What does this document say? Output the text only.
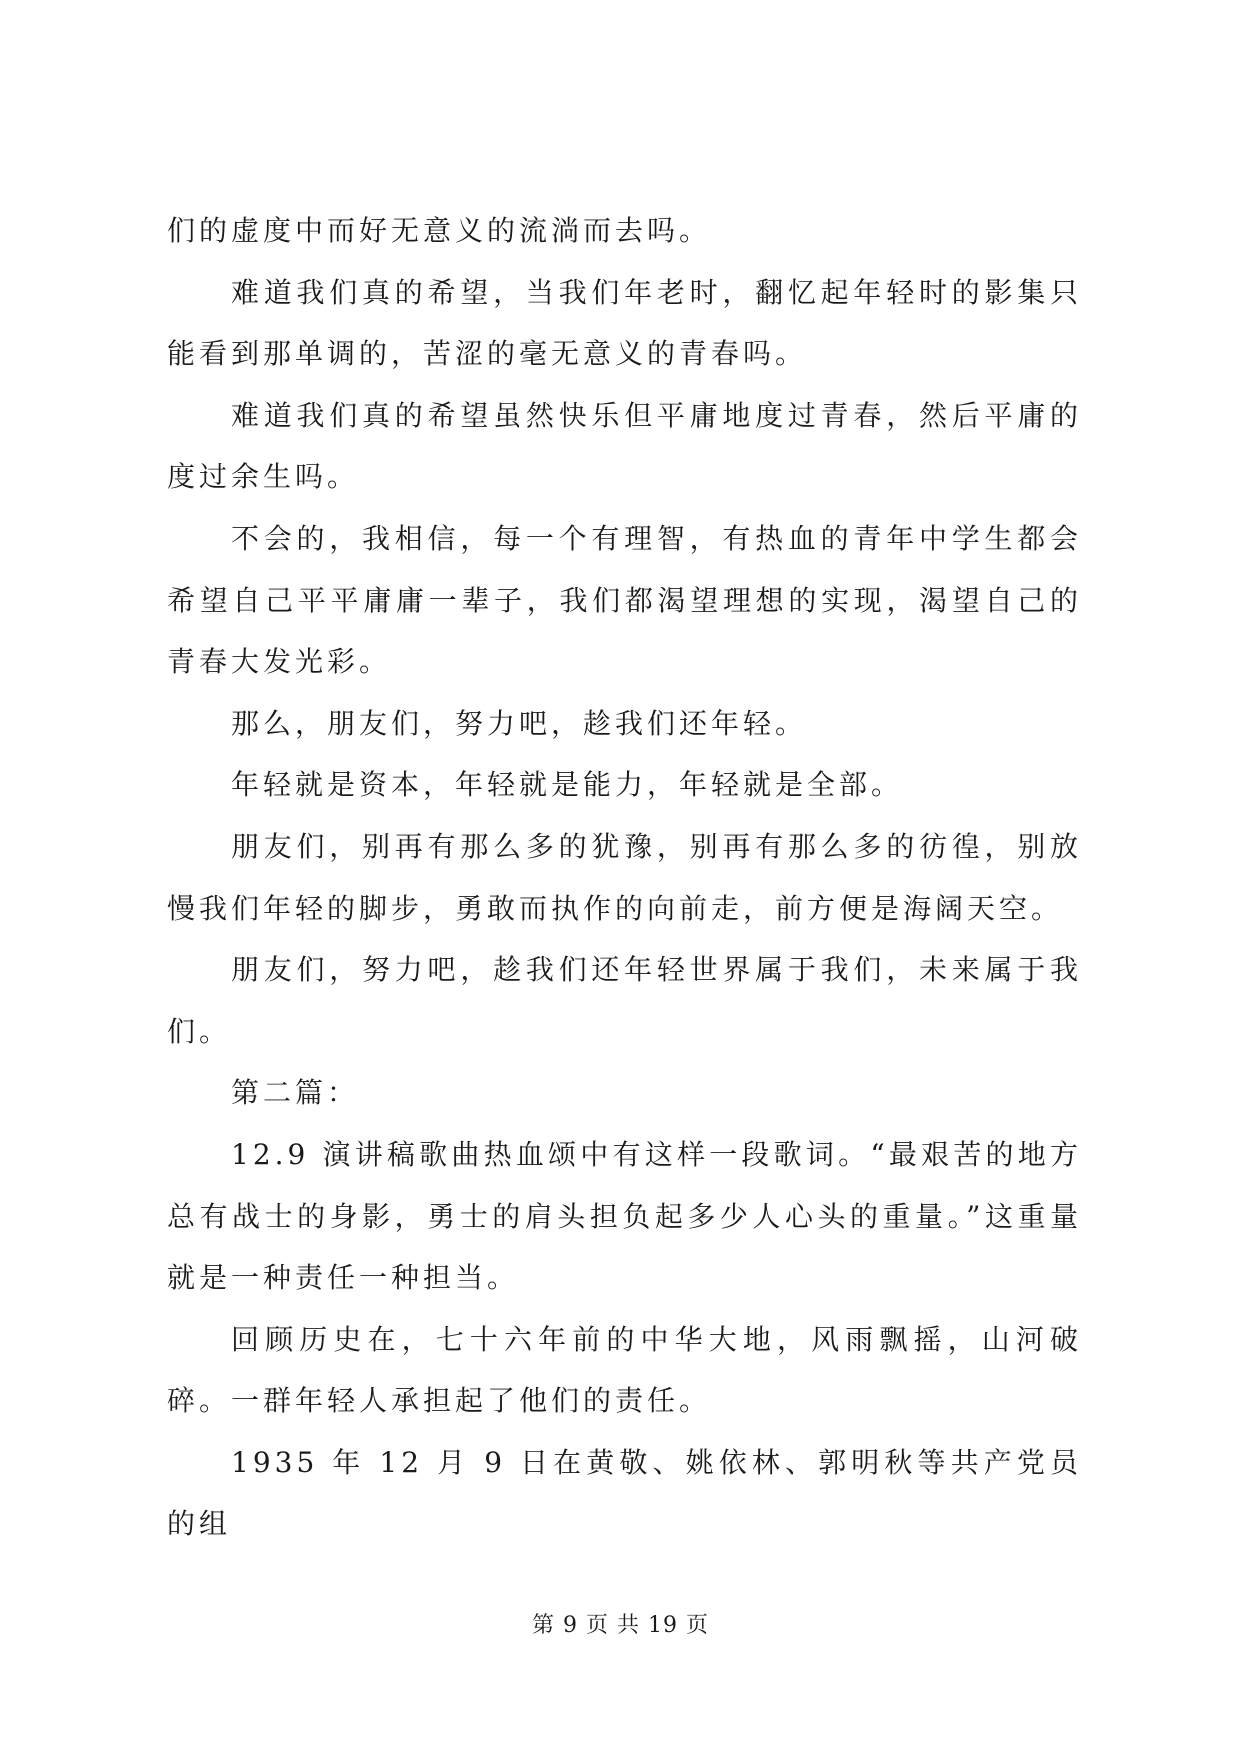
们的虚度中而好无意义的流淌而去吗。

难道我们真的希望，当我们年老时，翻忆起年轻时的影集只能看到那单调的，苦涩的毫无意义的青春吗。

难道我们真的希望虽然快乐但平庸地度过青春，然后平庸的度过余生吗。

不会的，我相信，每一个有理智，有热血的青年中学生都会希望自己平平庸庸一辈子，我们都渴望理想的实现，渴望自己的青春大发光彩。

那么，朋友们，努力吧，趁我们还年轻。

年轻就是资本，年轻就是能力，年轻就是全部。

朋友们，别再有那么多的犹豫，别再有那么多的彷徨，别放慢我们年轻的脚步，勇敢而执作的向前走，前方便是海阔天空。

朋友们，努力吧，趁我们还年轻世界属于我们，未来属于我们。

第二篇：

12.9 演讲稿歌曲热血颂中有这样一段歌词。“最艰苦的地方总有战士的身影，勇士的肩头担负起多少人心头的重量。”这重量就是一种责任一种担当。

回顾历史在，七十六年前的中华大地，风雨飘摇，山河破碎。一群年轻人承担起了他们的责任。

1935 年 12 月 9 日在黄敬、姚依林、郭明秋等共产党员的组

第 9 页 共 19 页
